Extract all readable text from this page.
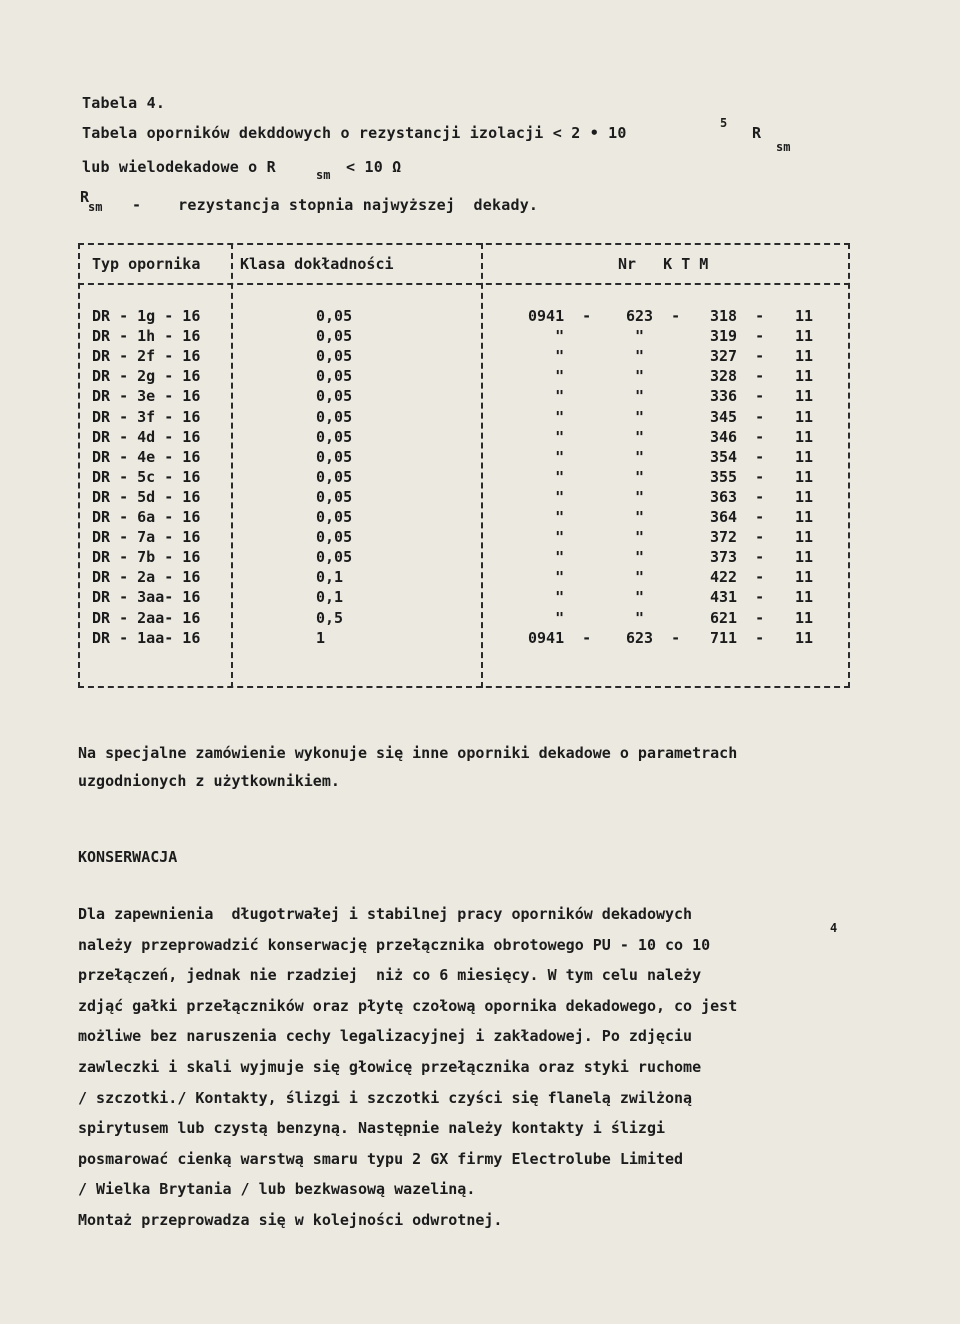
Tabela 4.
Tabela oporników dekddowych o rezystancji izolacji < 2 • 10
5
R
sm
lub wielodekadowe o R	sm < 10 Ω
R
sm -    rezystancja stopnia najwyższej  dekady.
Typ opornika	Klasa dokładności	Nr   K T M
DR - 1g - 16	0,05	0941  - 623  - 318  - 11
DR - 1h - 16	0,05	"	"	319  - 11
DR - 2f - 16	0,05	"	"	327  - 11
DR - 2g - 16	0,05	"	"	328  - 11
DR - 3e - 16	0,05	"	"	336  - 11
DR - 3f - 16	0,05	"	"	345  - 11
DR - 4d - 16	0,05	"	"	346  - 11
DR - 4e - 16	0,05	"	"	354  - 11
DR - 5c - 16	0,05	"	"	355  - 11
DR - 5d - 16	0,05	"	"	363  - 11
DR - 6a - 16	0,05	"	"	364  - 11
DR - 7a - 16	0,05	"	"	372  - 11
DR - 7b - 16	0,05	"	"	373  - 11
DR - 2a - 16	0,1	"	"	422  - 11
DR - 3aa- 16	0,1	"	"	431  - 11
DR - 2aa- 16	0,5	"	"	621  - 11
DR - 1aa- 16	1	0941  - 623  - 711  - 11
Na specjalne zamówienie wykonuje się inne oporniki dekadowe o parametrach
uzgodnionych z użytkownikiem.
KONSERWACJA
Dla zapewnienia  długotrwałej i stabilnej pracy oporników dekadowych
należy przeprowadzić konserwację przełącznika obrotowego PU - 10 co 10
przełączeń, jednak nie rzadziej  niż co 6 miesięcy. W tym celu należy
zdjąć gałki przełączników oraz płytę czołową opornika dekadowego, co jest
możliwe bez naruszenia cechy legalizacyjnej i zakładowej. Po zdjęciu
zawleczki i skali wyjmuje się głowicę przełącznika oraz styki ruchome
/ szczotki./ Kontakty, ślizgi i szczotki czyści się flanelą zwilżoną
spirytusem lub czystą benzyną. Następnie należy kontakty i ślizgi
posmarować cienką warstwą smaru typu 2 GX firmy Electrolube Limited
/ Wielka Brytania / lub bezkwasową wazeliną.
Montaż przeprowadza się w kolejności odwrotnej.
4
